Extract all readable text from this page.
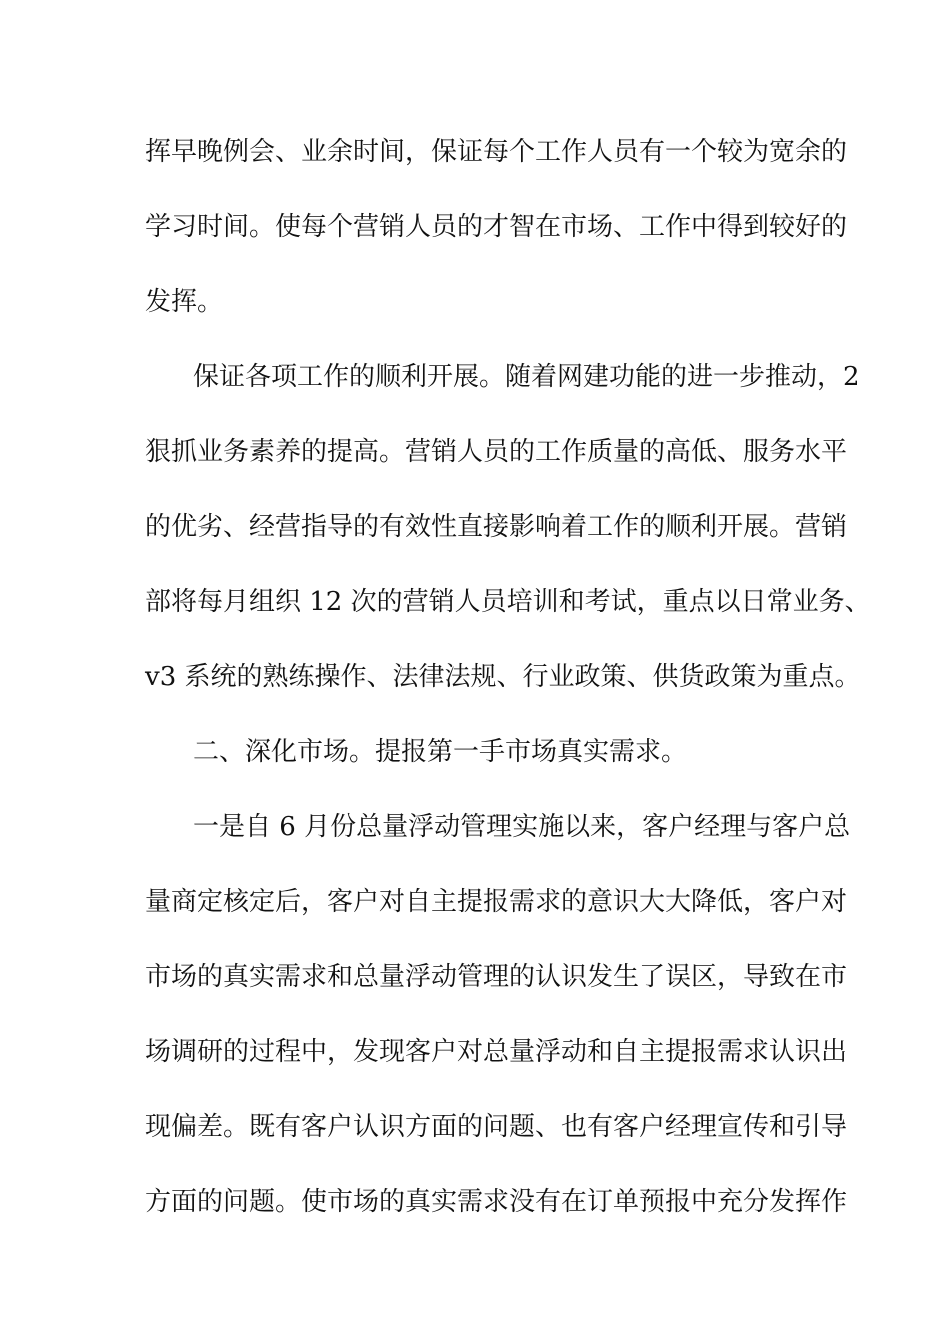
挥早晚例会、业余时间，保证每个工作人员有一个较为宽余的
学习时间。使每个营销人员的才智在市场、工作中得到较好的
发挥。
保证各项工作的顺利开展。随着网建功能的进一步推动，2
狠抓业务素养的提高。营销人员的工作质量的高低、服务水平
的优劣、经营指导的有效性直接影响着工作的顺利开展。营销
部将每月组织 12 次的营销人员培训和考试，重点以日常业务、
v3 系统的熟练操作、法律法规、行业政策、供货政策为重点。
二、深化市场。提报第一手市场真实需求。
一是自 6 月份总量浮动管理实施以来，客户经理与客户总
量商定核定后，客户对自主提报需求的意识大大降低，客户对
市场的真实需求和总量浮动管理的认识发生了误区，导致在市
场调研的过程中，发现客户对总量浮动和自主提报需求认识出
现偏差。既有客户认识方面的问题、也有客户经理宣传和引导
方面的问题。使市场的真实需求没有在订单预报中充分发挥作
